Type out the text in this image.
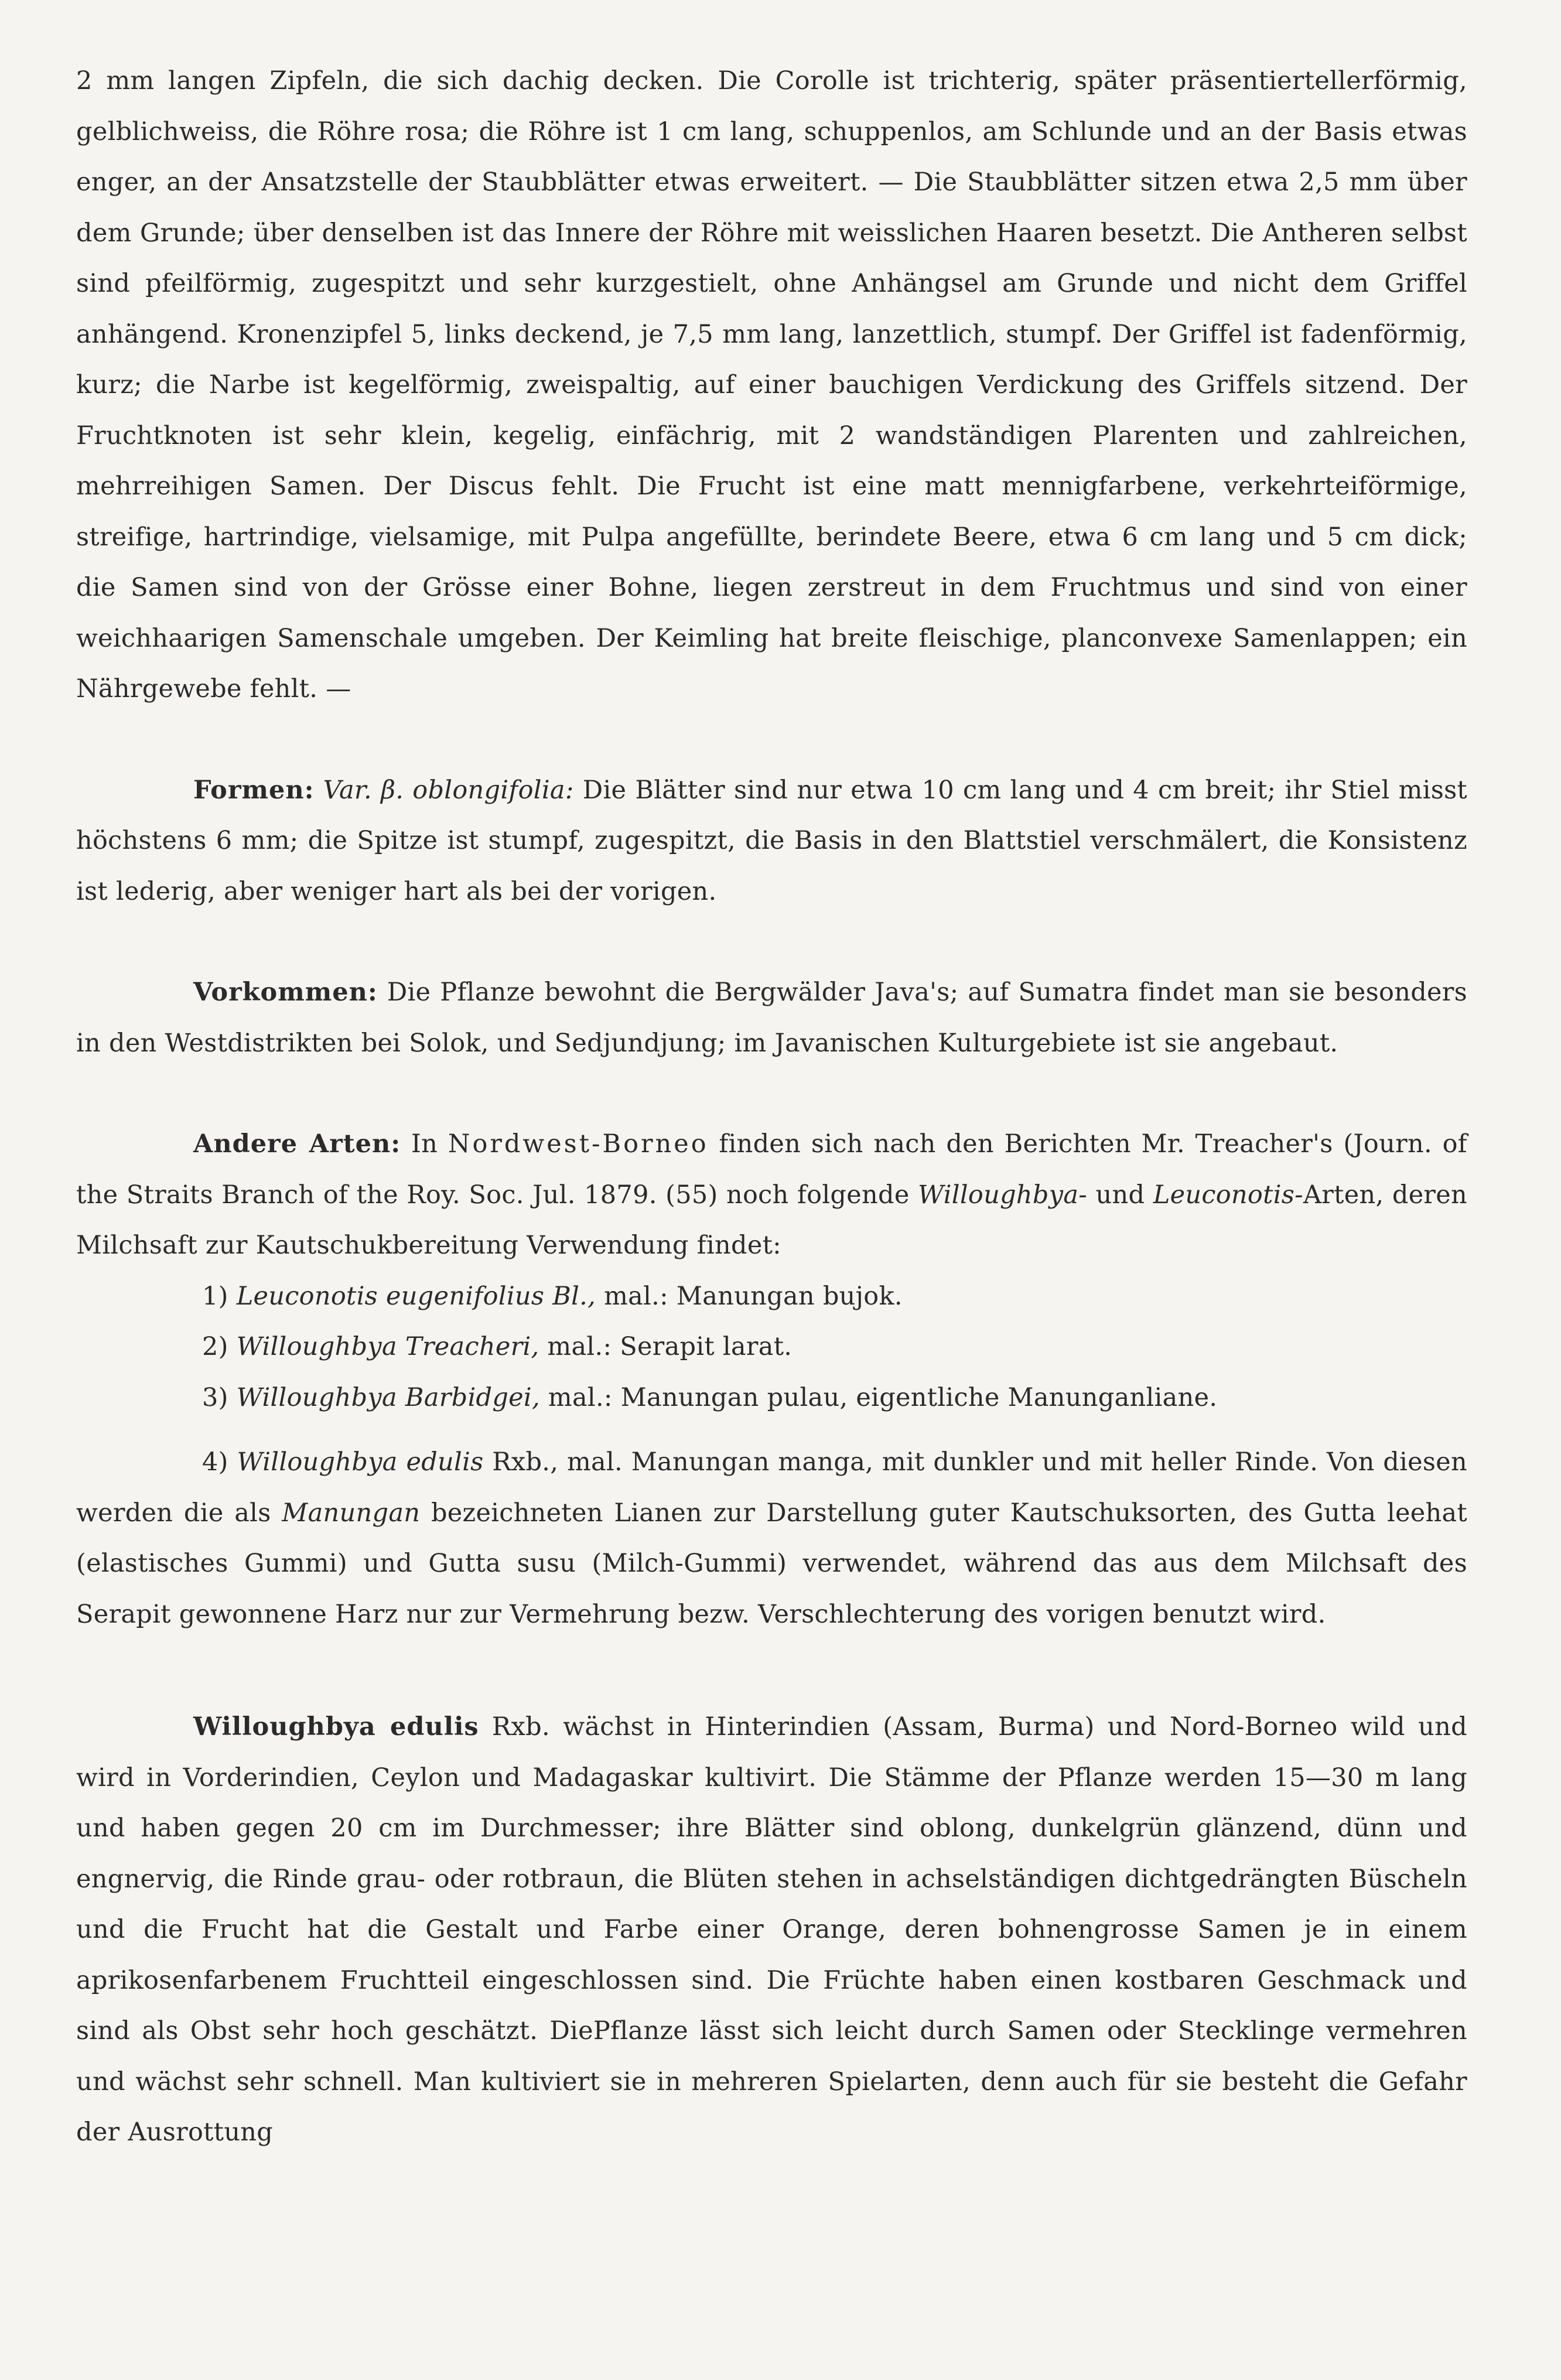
2 mm langen Zipfeln, die sich dachig decken. Die Corolle ist trichterig, später präsentiertellerförmig, gelblichweiss, die Röhre rosa; die Röhre ist 1 cm lang, schuppenlos, am Schlunde und an der Basis etwas enger, an der Ansatzstelle der Staubblätter etwas erweitert. — Die Staubblätter sitzen etwa 2,5 mm über dem Grunde; über denselben ist das Innere der Röhre mit weisslichen Haaren besetzt. Die Antheren selbst sind pfeilförmig, zugespitzt und sehr kurzgestielt, ohne Anhängsel am Grunde und nicht dem Griffel anhängend. Kronenzipfel 5, links deckend, je 7,5 mm lang, lanzettlich, stumpf. Der Griffel ist fadenförmig, kurz; die Narbe ist kegelförmig, zweispaltig, auf einer bauchigen Verdickung des Griffels sitzend. Der Fruchtknoten ist sehr klein, kegelig, einfächrig, mit 2 wandständigen Plarenten und zahlreichen, mehrreihigen Samen. Der Discus fehlt. Die Frucht ist eine matt mennigfarbene, verkehrteiförmige, streifige, hartrindige, vielsamige, mit Pulpa angefüllte, berindete Beere, etwa 6 cm lang und 5 cm dick; die Samen sind von der Grösse einer Bohne, liegen zerstreut in dem Fruchtmus und sind von einer weichhaarigen Samenschale umgeben. Der Keimling hat breite fleischige, planconvexe Samenlappen; ein Nährgewebe fehlt. —

Formen: Var. β. oblongifolia: Die Blätter sind nur etwa 10 cm lang und 4 cm breit; ihr Stiel misst höchstens 6 mm; die Spitze ist stumpf, zugespitzt, die Basis in den Blattstiel verschmälert, die Konsistenz ist lederig, aber weniger hart als bei der vorigen.

Vorkommen: Die Pflanze bewohnt die Bergwälder Java's; auf Sumatra findet man sie besonders in den Westdistrikten bei Solok, und Sedjundjung; im Javanischen Kulturgebiete ist sie angebaut.

Andere Arten: In Nordwest-Borneo finden sich nach den Berichten Mr. Treacher's (Journ. of the Straits Branch of the Roy. Soc. Jul. 1879. (55) noch folgende Willoughbya- und Leuconotis-Arten, deren Milchsaft zur Kautschukbereitung Verwendung findet:

1) Leuconotis eugenifolius Bl., mal.: Manungan bujok.

2) Willoughbya Treacheri, mal.: Serapit larat.

3) Willoughbya Barbidgei, mal.: Manungan pulau, eigentliche Manunganliane.

4) Willoughbya edulis Rxb., mal. Manungan manga, mit dunkler und mit heller Rinde. Von diesen werden die als Manungan bezeichneten Lianen zur Darstellung guter Kautschuksorten, des Gutta leehat (elastisches Gummi) und Gutta susu (Milch-Gummi) verwendet, während das aus dem Milchsaft des Serapit gewonnene Harz nur zur Vermehrung bezw. Verschlechterung des vorigen benutzt wird.

Willoughbya edulis Rxb. wächst in Hinterindien (Assam, Burma) und Nord-Borneo wild und wird in Vorderindien, Ceylon und Madagaskar kultivirt. Die Stämme der Pflanze werden 15—30 m lang und haben gegen 20 cm im Durchmesser; ihre Blätter sind oblong, dunkelgrün glänzend, dünn und engnervig, die Rinde grau- oder rotbraun, die Blüten stehen in achselständigen dichtgedrängten Büscheln und die Frucht hat die Gestalt und Farbe einer Orange, deren bohnengrosse Samen je in einem aprikosenfarbenem Fruchtteil eingeschlossen sind. Die Früchte haben einen kostbaren Geschmack und sind als Obst sehr hoch geschätzt. DiePflanze lässt sich leicht durch Samen oder Stecklinge vermehren und wächst sehr schnell. Man kultiviert sie in mehreren Spielarten, denn auch für sie besteht die Gefahr der Ausrottung
